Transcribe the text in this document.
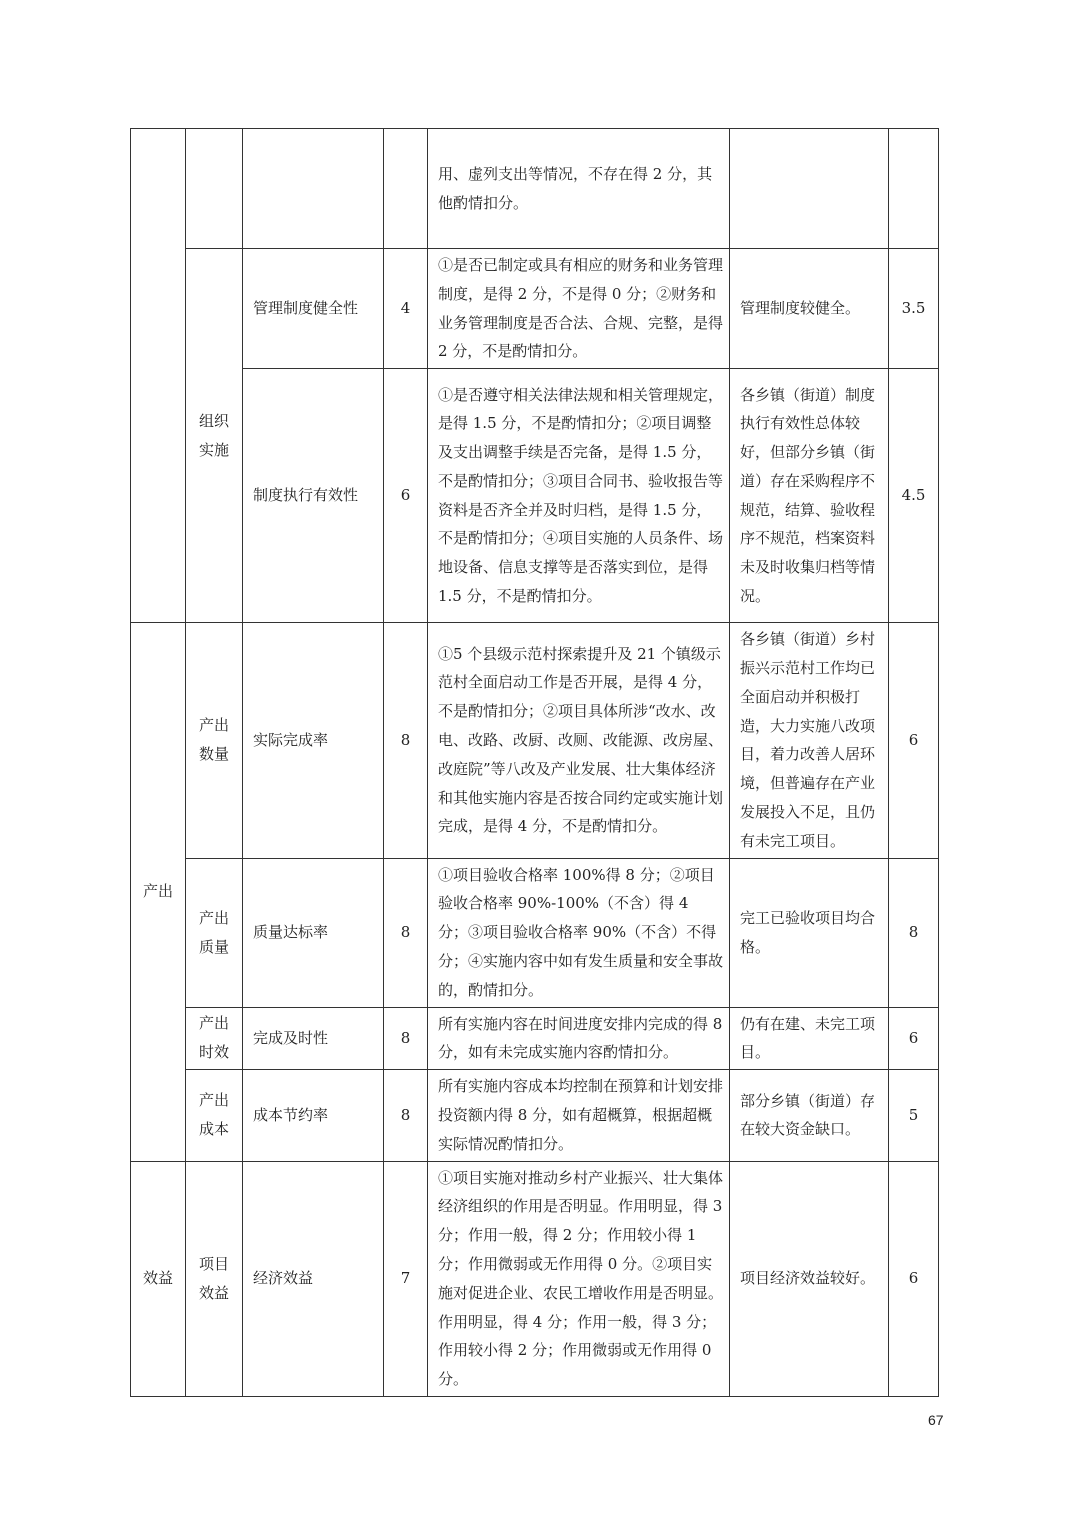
				用、虚列支出等情况，不存在得 2 分，其他酌情扣分。		
	组织实施	管理制度健全性	4	①是否已制定或具有相应的财务和业务管理制度，是得 2 分，不是得 0 分；②财务和业务管理制度是否合法、合规、完整，是得 2 分，不是酌情扣分。	管理制度较健全。	3.5
		制度执行有效性	6	①是否遵守相关法律法规和相关管理规定，是得 1.5 分，不是酌情扣分；②项目调整及支出调整手续是否完备，是得 1.5 分，不是酌情扣分；③项目合同书、验收报告等资料是否齐全并及时归档，是得 1.5 分，不是酌情扣分；④项目实施的人员条件、场地设备、信息支撑等是否落实到位，是得 1.5 分，不是酌情扣分。	各乡镇（街道）制度执行有效性总体较好，但部分乡镇（街道）存在采购程序不规范，结算、验收程序不规范，档案资料未及时收集归档等情况。	4.5
产出	产出数量	实际完成率	8	①5 个县级示范村探索提升及 21 个镇级示范村全面启动工作是否开展，是得 4 分，不是酌情扣分；②项目具体所涉“改水、改电、改路、改厨、改厕、改能源、改房屋、改庭院”等八改及产业发展、壮大集体经济和其他实施内容是否按合同约定或实施计划完成，是得 4 分，不是酌情扣分。	各乡镇（街道）乡村振兴示范村工作均已全面启动并积极打造，大力实施八改项目，着力改善人居环境，但普遍存在产业发展投入不足，且仍有未完工项目。	6
	产出质量	质量达标率	8	①项目验收合格率 100%得 8 分；②项目验收合格率 90%-100%（不含）得 4 分；③项目验收合格率 90%（不含）不得分；④实施内容中如有发生质量和安全事故的，酌情扣分。	完工已验收项目均合格。	8
	产出时效	完成及时性	8	所有实施内容在时间进度安排内完成的得 8 分，如有未完成实施内容酌情扣分。	仍有在建、未完工项目。	6
	产出成本	成本节约率	8	所有实施内容成本均控制在预算和计划安排投资额内得 8 分，如有超概算，根据超概实际情况酌情扣分。	部分乡镇（街道）存在较大资金缺口。	5
效益	项目效益	经济效益	7	①项目实施对推动乡村产业振兴、壮大集体经济组织的作用是否明显。作用明显，得 3 分；作用一般，得 2 分；作用较小得 1 分；作用微弱或无作用得 0 分。②项目实施对促进企业、农民工增收作用是否明显。作用明显，得 4 分；作用一般，得 3 分；作用较小得 2 分；作用微弱或无作用得 0 分。	项目经济效益较好。	6
67
